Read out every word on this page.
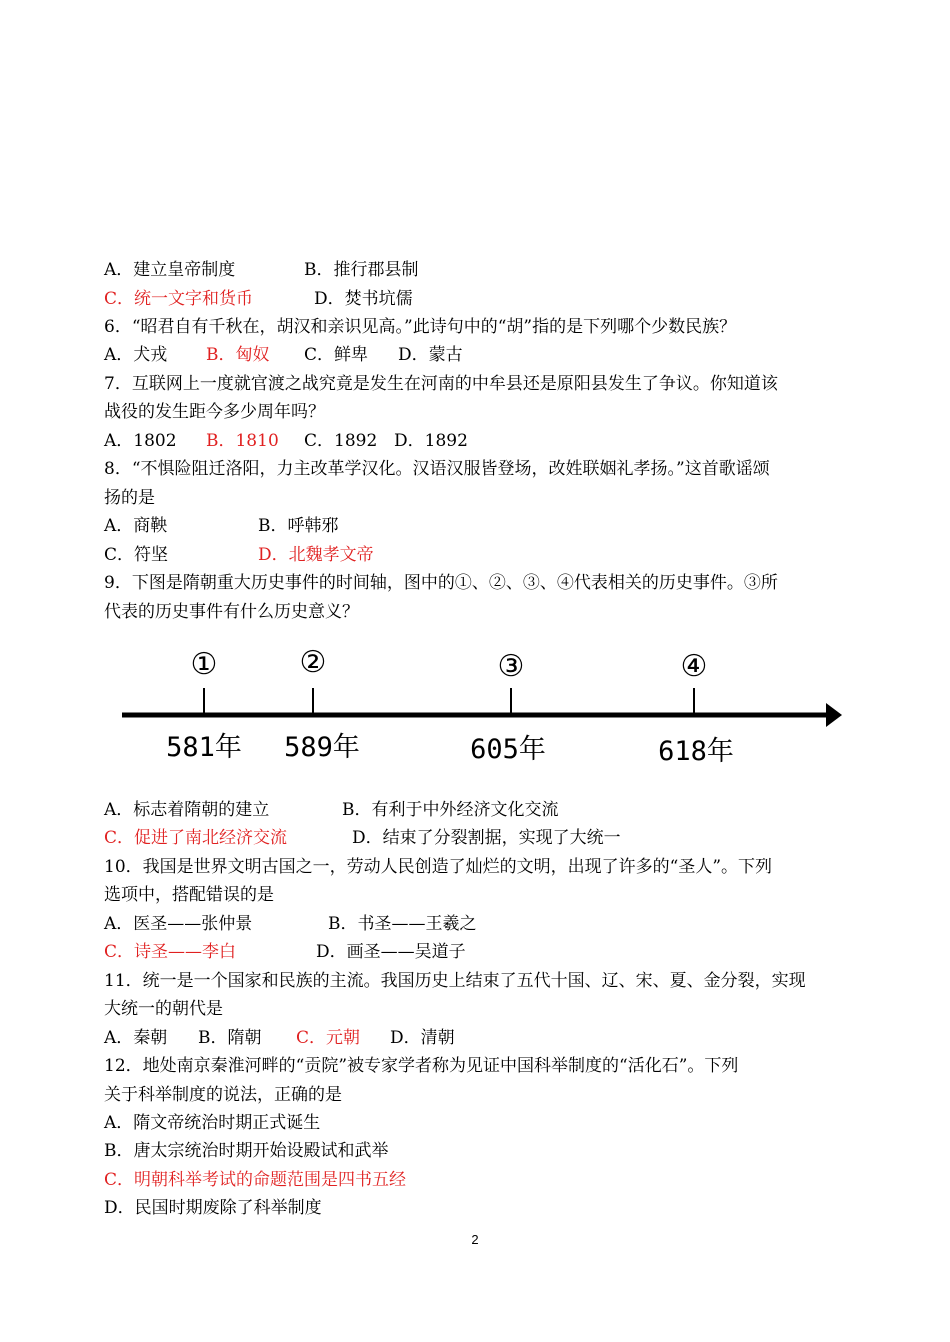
A．建立皇帝制度	B．推行郡县制
C．统一文字和货币	D．焚书坑儒
6．“昭君自有千秋在，胡汉和亲识见高。”此诗句中的“胡”指的是下列哪个少数民族？
A．犬戎 B．匈奴 C．鲜卑 D．蒙古
7．互联网上一度就官渡之战究竟是发生在河南的中牟县还是原阳县发生了争议。你知道该
战役的发生距今多少周年吗？
A．1802 B．1810 C．1892 D．1892
8．“不惧险阻迁洛阳，力主改革学汉化。汉语汉服皆登场，改姓联姻礼孝扬。”这首歌谣颂
扬的是
A．商鞅	B．呼韩邪
C．符坚	D．北魏孝文帝
9．下图是隋朝重大历史事件的时间轴，图中的①、②、③、④代表相关的历史事件。③所
代表的历史事件有什么历史意义？
①	②	③	④
581年 589年	605年	618年
A．标志着隋朝的建立	B．有利于中外经济文化交流
C．促进了南北经济交流	D．结束了分裂割据，实现了大统一
10．我国是世界文明古国之一，劳动人民创造了灿烂的文明，出现了许多的“圣人”。下列
选项中，搭配错误的是
A．医圣——张仲景	B．书圣——王羲之
C．诗圣——李白	D．画圣——吴道子
11．统一是一个国家和民族的主流。我国历史上结束了五代十国、辽、宋、夏、金分裂，实现
大统一的朝代是
A．秦朝 B．隋朝 C．元朝 D．清朝
12．地处南京秦淮河畔的“贡院”被专家学者称为见证中国科举制度的“活化石”。下列
关于科举制度的说法，正确的是
A．隋文帝统治时期正式诞生
B．唐太宗统治时期开始设殿试和武举
C．明朝科举考试的命题范围是四书五经
D．民国时期废除了科举制度
2
